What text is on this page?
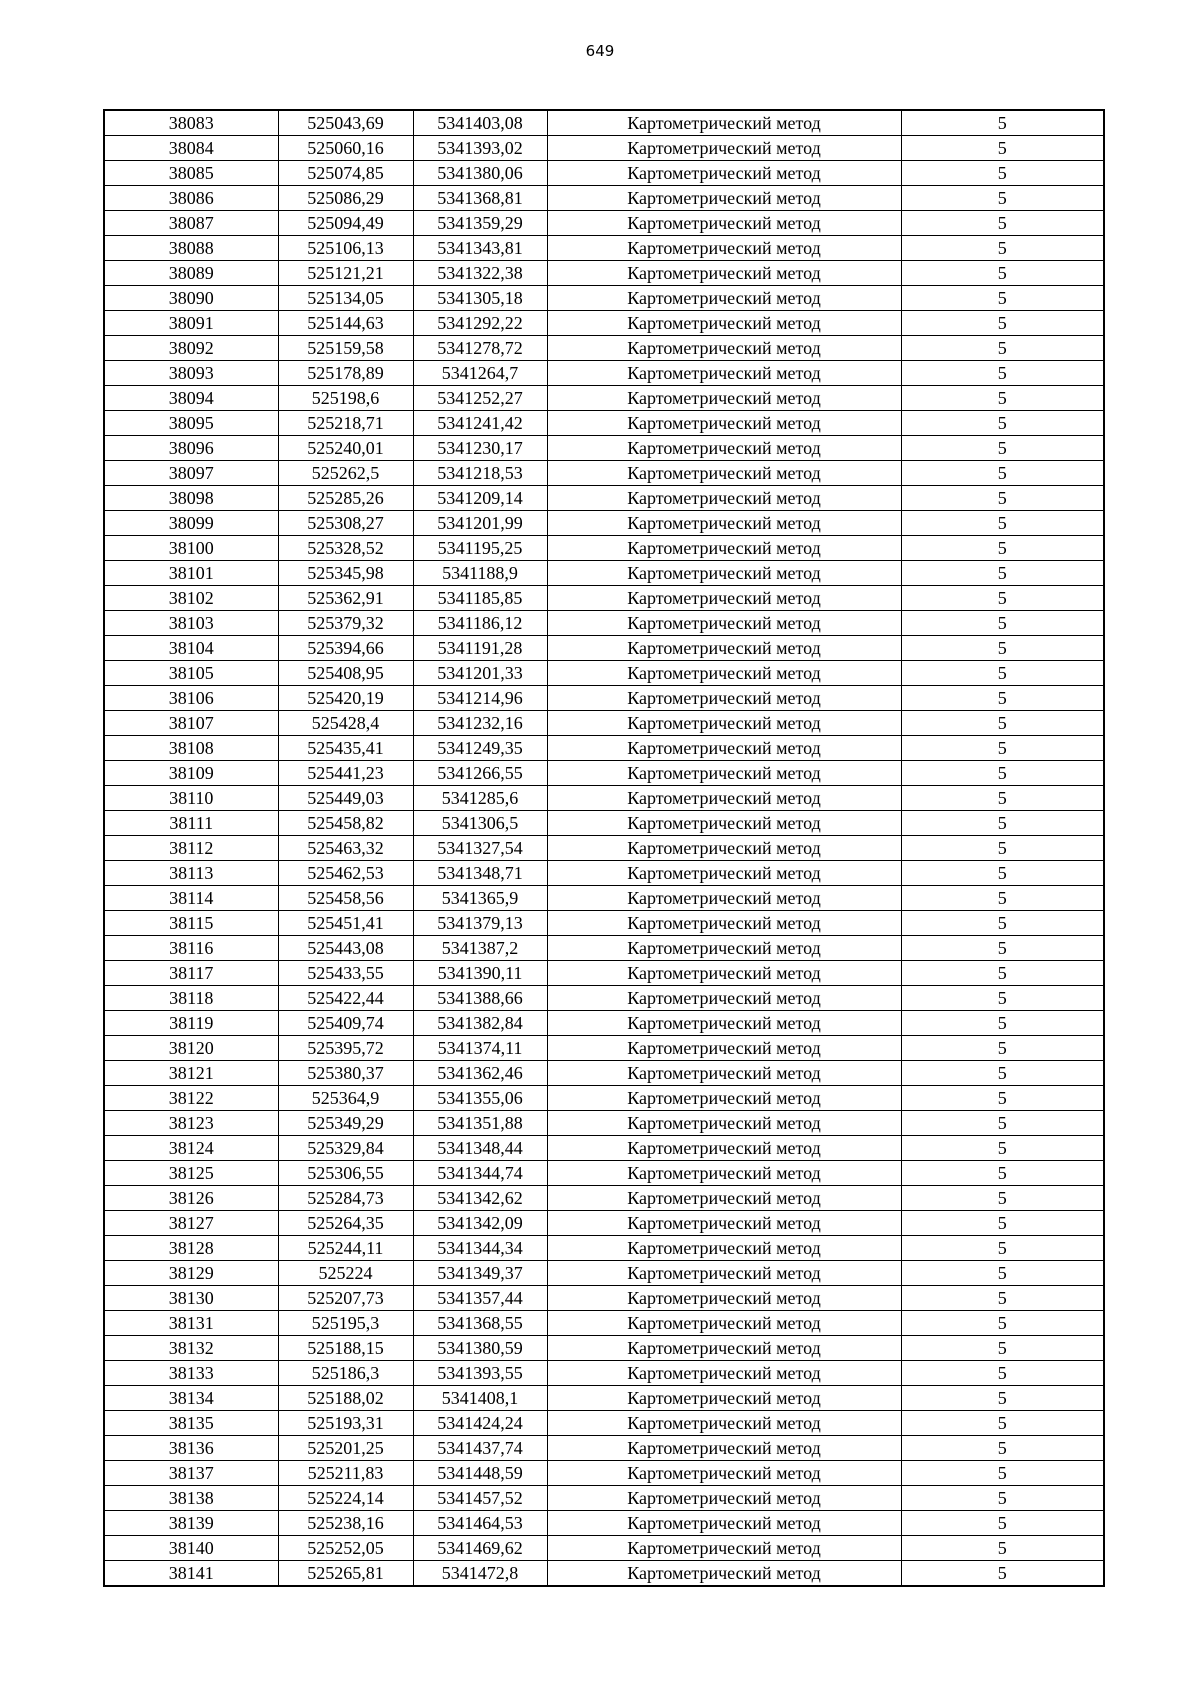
649
38083	525043,69	5341403,08	Картометрический метод	5
38084	525060,16	5341393,02	Картометрический метод	5
38085	525074,85	5341380,06	Картометрический метод	5
38086	525086,29	5341368,81	Картометрический метод	5
38087	525094,49	5341359,29	Картометрический метод	5
38088	525106,13	5341343,81	Картометрический метод	5
38089	525121,21	5341322,38	Картометрический метод	5
38090	525134,05	5341305,18	Картометрический метод	5
38091	525144,63	5341292,22	Картометрический метод	5
38092	525159,58	5341278,72	Картометрический метод	5
38093	525178,89	5341264,7	Картометрический метод	5
38094	525198,6	5341252,27	Картометрический метод	5
38095	525218,71	5341241,42	Картометрический метод	5
38096	525240,01	5341230,17	Картометрический метод	5
38097	525262,5	5341218,53	Картометрический метод	5
38098	525285,26	5341209,14	Картометрический метод	5
38099	525308,27	5341201,99	Картометрический метод	5
38100	525328,52	5341195,25	Картометрический метод	5
38101	525345,98	5341188,9	Картометрический метод	5
38102	525362,91	5341185,85	Картометрический метод	5
38103	525379,32	5341186,12	Картометрический метод	5
38104	525394,66	5341191,28	Картометрический метод	5
38105	525408,95	5341201,33	Картометрический метод	5
38106	525420,19	5341214,96	Картометрический метод	5
38107	525428,4	5341232,16	Картометрический метод	5
38108	525435,41	5341249,35	Картометрический метод	5
38109	525441,23	5341266,55	Картометрический метод	5
38110	525449,03	5341285,6	Картометрический метод	5
38111	525458,82	5341306,5	Картометрический метод	5
38112	525463,32	5341327,54	Картометрический метод	5
38113	525462,53	5341348,71	Картометрический метод	5
38114	525458,56	5341365,9	Картометрический метод	5
38115	525451,41	5341379,13	Картометрический метод	5
38116	525443,08	5341387,2	Картометрический метод	5
38117	525433,55	5341390,11	Картометрический метод	5
38118	525422,44	5341388,66	Картометрический метод	5
38119	525409,74	5341382,84	Картометрический метод	5
38120	525395,72	5341374,11	Картометрический метод	5
38121	525380,37	5341362,46	Картометрический метод	5
38122	525364,9	5341355,06	Картометрический метод	5
38123	525349,29	5341351,88	Картометрический метод	5
38124	525329,84	5341348,44	Картометрический метод	5
38125	525306,55	5341344,74	Картометрический метод	5
38126	525284,73	5341342,62	Картометрический метод	5
38127	525264,35	5341342,09	Картометрический метод	5
38128	525244,11	5341344,34	Картометрический метод	5
38129	525224	5341349,37	Картометрический метод	5
38130	525207,73	5341357,44	Картометрический метод	5
38131	525195,3	5341368,55	Картометрический метод	5
38132	525188,15	5341380,59	Картометрический метод	5
38133	525186,3	5341393,55	Картометрический метод	5
38134	525188,02	5341408,1	Картометрический метод	5
38135	525193,31	5341424,24	Картометрический метод	5
38136	525201,25	5341437,74	Картометрический метод	5
38137	525211,83	5341448,59	Картометрический метод	5
38138	525224,14	5341457,52	Картометрический метод	5
38139	525238,16	5341464,53	Картометрический метод	5
38140	525252,05	5341469,62	Картометрический метод	5
38141	525265,81	5341472,8	Картометрический метод	5
